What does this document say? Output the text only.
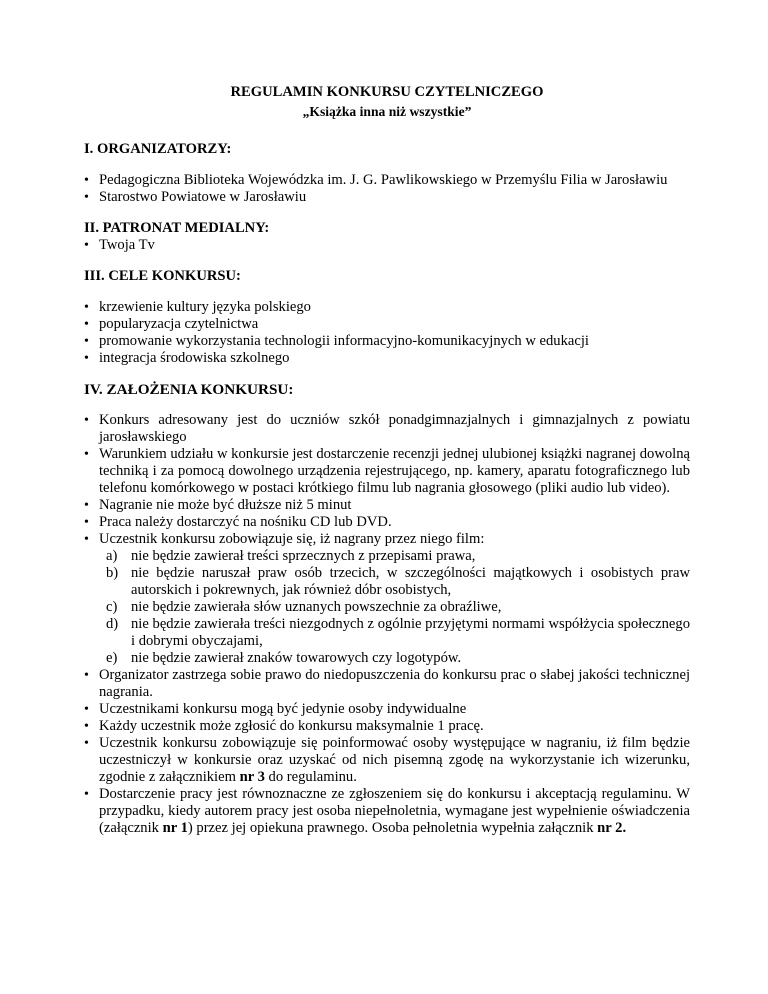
REGULAMIN KONKURSU CZYTELNICZEGO

„Książka inna niż wszystkie”

I. ORGANIZATORZY:
• Pedagogiczna Biblioteka Wojewódzka im. J. G. Pawlikowskiego w Przemyślu Filia w Jarosławiu
• Starostwo Powiatowe w Jarosławiu
II. PATRONAT MEDIALNY:
• Twoja Tv
III. CELE KONKURSU:
• krzewienie kultury języka polskiego
• popularyzacja czytelnictwa
• promowanie wykorzystania technologii informacyjno-komunikacyjnych w edukacji
• integracja środowiska szkolnego
IV. ZAŁOŻENIA KONKURSU:
• Konkurs adresowany jest do uczniów szkół ponadgimnazjalnych i gimnazjalnych z powiatu jarosławskiego
• Warunkiem udziału w konkursie jest dostarczenie recenzji jednej ulubionej książki nagranej dowolną techniką i za pomocą dowolnego urządzenia rejestrującego, np. kamery, aparatu fotograficznego lub telefonu komórkowego w postaci krótkiego filmu lub nagrania głosowego (pliki audio lub video).
• Nagranie nie może być dłuższe niż 5 minut
• Praca należy dostarczyć na nośniku CD lub DVD.
• Uczestnik konkursu zobowiązuje się, iż nagrany przez niego film:
a) nie będzie zawierał treści sprzecznych z przepisami prawa,
b) nie będzie naruszał praw osób trzecich, w szczególności majątkowych i osobistych praw autorskich i pokrewnych, jak również dóbr osobistych,
c) nie będzie zawierała słów uznanych powszechnie za obraźliwe,
d) nie będzie zawierała treści niezgodnych z ogólnie przyjętymi normami współżycia społecznego i dobrymi obyczajami,
e) nie będzie zawierał znaków towarowych czy logotypów.
• Organizator zastrzega sobie prawo do niedopuszczenia do konkursu prac o słabej jakości technicznej nagrania.
• Uczestnikami konkursu mogą być jedynie osoby indywidualne
• Każdy uczestnik może zgłosić do konkursu maksymalnie 1 pracę.
• Uczestnik konkursu zobowiązuje się poinformować osoby występujące w nagraniu, iż film będzie uczestniczył w konkursie oraz uzyskać od nich pisemną zgodę na wykorzystanie ich wizerunku, zgodnie z załącznikiem nr 3 do regulaminu.
• Dostarczenie pracy jest równoznaczne ze zgłoszeniem się do konkursu i akceptacją regulaminu. W przypadku, kiedy autorem pracy jest osoba niepełnoletnia, wymagane jest wypełnienie oświadczenia (załącznik nr 1) przez jej opiekuna prawnego. Osoba pełnoletnia wypełnia załącznik nr 2.
